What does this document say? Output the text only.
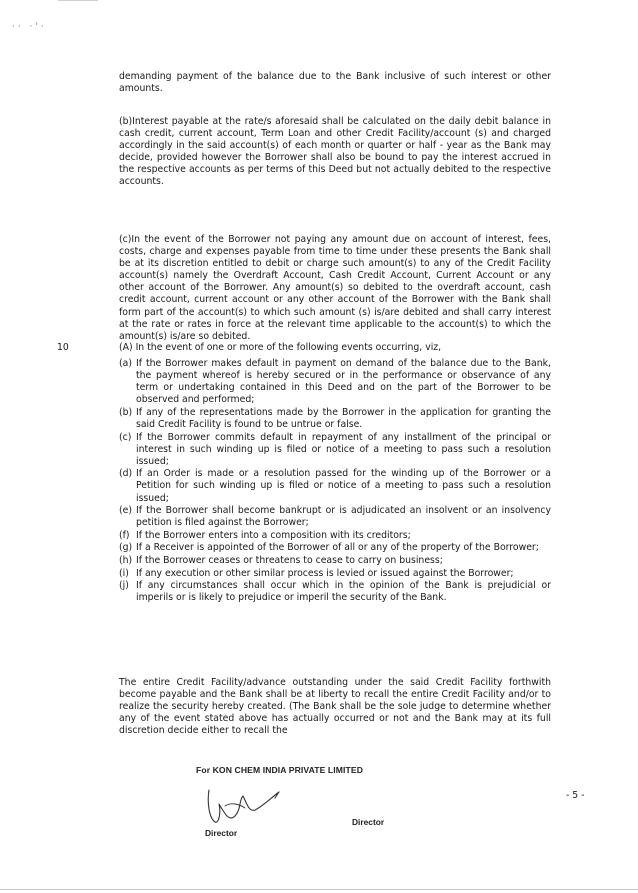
·· ·'·

demanding payment of the balance due to the Bank inclusive of such interest or other amounts.

(b)Interest payable at the rate/s aforesaid shall be calculated on the daily debit balance in cash credit, current account, Term Loan and other Credit Facility/account (s) and charged accordingly in the said account(s) of each month or quarter or half - year as the Bank may decide, provided however the Borrower shall also be bound to pay the interest accrued in the respective accounts as per terms of this Deed but not actually debited to the respective accounts.

(c)In the event of the Borrower not paying any amount due on account of interest, fees, costs, charge and expenses payable from time to time under these presents the Bank shall be at its discretion entitled to debit or charge such amount(s) to any of the Credit Facility account(s) namely the Overdraft Account, Cash Credit Account, Current Account or any other account of the Borrower. Any amount(s) so debited to the overdraft account, cash credit account, current account or any other account of the Borrower with the Bank shall form part of the account(s) to which such amount (s) is/are debited and shall carry interest at the rate or rates in force at the relevant time applicable to the account(s) to which the amount(s) is/are so debited.

10	(A) In the event of one or more of the following events occurring, viz,

(a) If the Borrower makes default in payment on demand of the balance due to the Bank, the payment whereof is hereby secured or in the performance or observance of any term or undertaking contained in this Deed and on the part of the Borrower to be observed and performed;
(b) If any of the representations made by the Borrower in the application for granting the said Credit Facility is found to be untrue or false.
(c) If the Borrower commits default in repayment of any installment of the principal or interest in such winding up is filed or notice of a meeting to pass such a resolution issued;
(d) If an Order is made or a resolution passed for the winding up of the Borrower or a Petition for such winding up is filed or notice of a meeting to pass such a resolution issued;
(e) If the Borrower shall become bankrupt or is adjudicated an insolvent or an insolvency petition is filed against the Borrower;
(f) If the Borrower enters into a composition with its creditors;
(g) If a Receiver is appointed of the Borrower of all or any of the property of the Borrower;
(h) If the Borrower ceases or threatens to cease to carry on business;
(i) If any execution or other similar process is levied or issued against the Borrower;
(j) If any circumstances shall occur which in the opinion of the Bank is prejudicial or imperils or is likely to prejudice or imperil the security of the Bank.

The entire Credit Facility/advance outstanding under the said Credit Facility forthwith become payable and the Bank shall be at liberty to recall the entire Credit Facility and/or to realize the security hereby created. (The Bank shall be the sole judge to determine whether any of the event stated above has actually occurred or not and the Bank may at its full discretion decide either to recall the

For KON CHEM INDIA PRIVATE LIMITED
- 5 -
Director
Director
